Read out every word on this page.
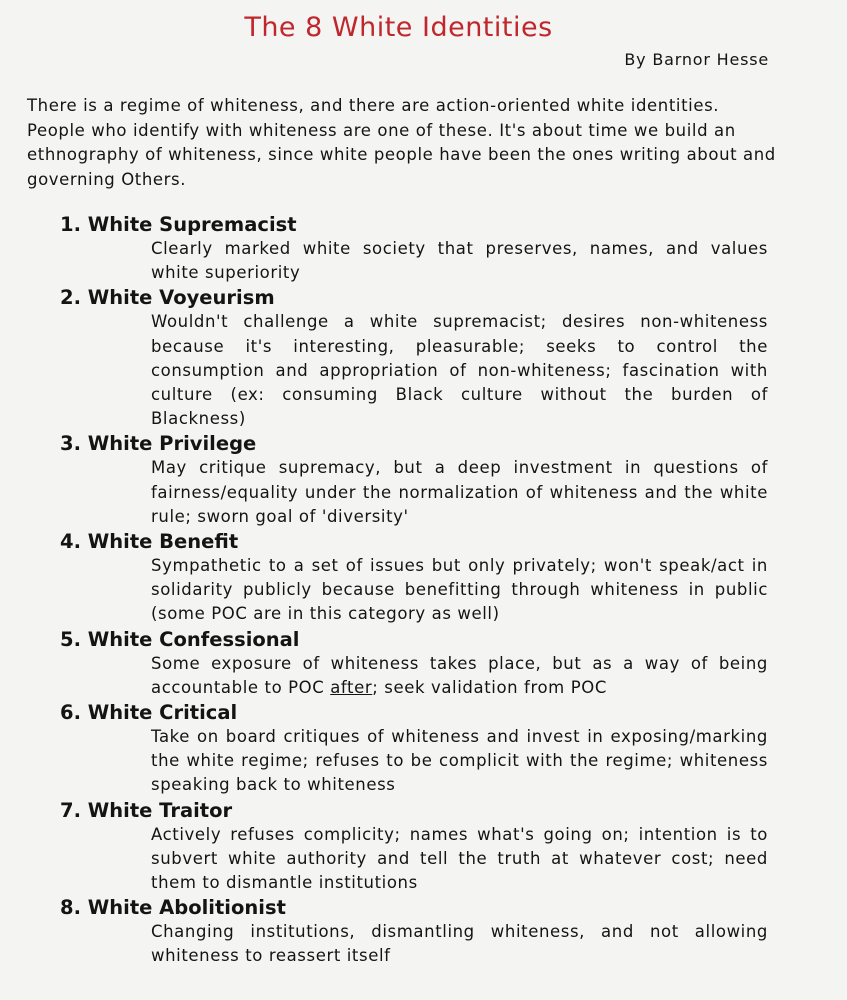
The 8 White Identities
By Barnor Hesse
There is a regime of whiteness, and there are action-oriented white identities. People who identify with whiteness are one of these. It's about time we build an ethnography of whiteness, since white people have been the ones writing about and governing Others.
1. White Supremacist
Clearly marked white society that preserves, names, and values white superiority
2. White Voyeurism
Wouldn't challenge a white supremacist; desires non-whiteness because it's interesting, pleasurable; seeks to control the consumption and appropriation of non-whiteness; fascination with culture (ex: consuming Black culture without the burden of Blackness)
3. White Privilege
May critique supremacy, but a deep investment in questions of fairness/equality under the normalization of whiteness and the white rule; sworn goal of 'diversity'
4. White Benefit
Sympathetic to a set of issues but only privately; won't speak/act in solidarity publicly because benefitting through whiteness in public (some POC are in this category as well)
5. White Confessional
Some exposure of whiteness takes place, but as a way of being accountable to POC after; seek validation from POC
6. White Critical
Take on board critiques of whiteness and invest in exposing/marking the white regime; refuses to be complicit with the regime; whiteness speaking back to whiteness
7. White Traitor
Actively refuses complicity; names what's going on; intention is to subvert white authority and tell the truth at whatever cost; need them to dismantle institutions
8. White Abolitionist
Changing institutions, dismantling whiteness, and not allowing whiteness to reassert itself
